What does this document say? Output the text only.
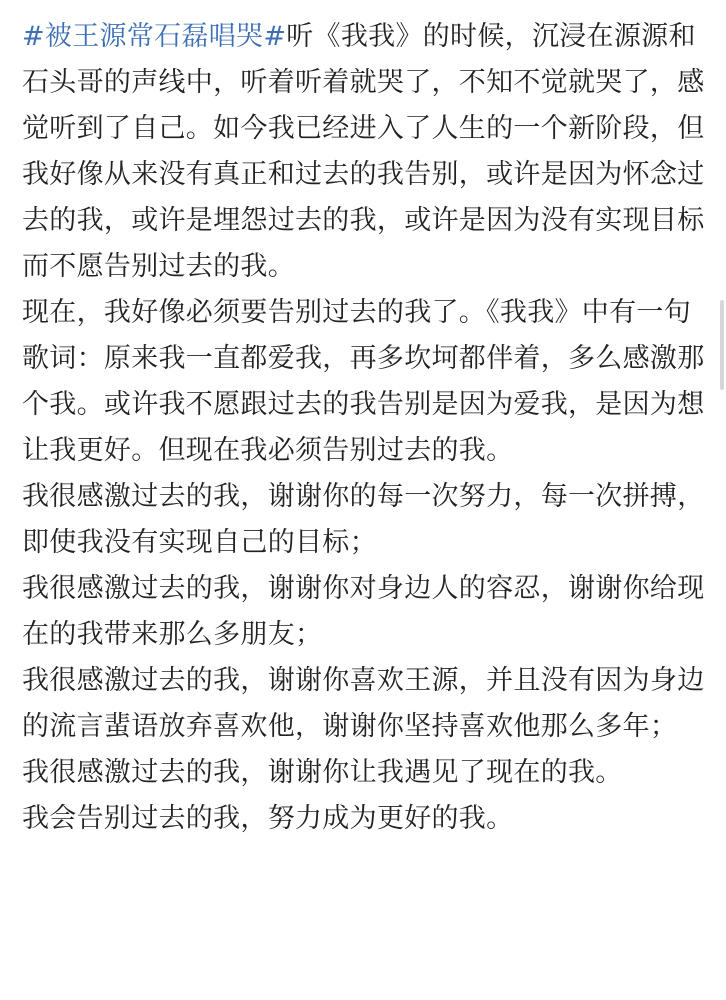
#被王源常石磊唱哭#听《我我》的时候，沉浸在源源和石头哥的声线中，听着听着就哭了，不知不觉就哭了，感觉听到了自己。如今我已经进入了人生的一个新阶段，但我好像从来没有真正和过去的我告别，或许是因为怀念过去的我，或许是埋怨过去的我，或许是因为没有实现目标而不愿告别过去的我。

现在，我好像必须要告别过去的我了。《我我》中有一句歌词：原来我一直都爱我，再多坎坷都伴着，多么感激那个我。或许我不愿跟过去的我告别是因为爱我，是因为想让我更好。但现在我必须告别过去的我。

我很感激过去的我，谢谢你的每一次努力，每一次拼搏，即使我没有实现自己的目标；

我很感激过去的我，谢谢你对身边人的容忍，谢谢你给现在的我带来那么多朋友；

我很感激过去的我，谢谢你喜欢王源，并且没有因为身边的流言蜚语放弃喜欢他，谢谢你坚持喜欢他那么多年；

我很感激过去的我，谢谢你让我遇见了现在的我。

我会告别过去的我，努力成为更好的我。
